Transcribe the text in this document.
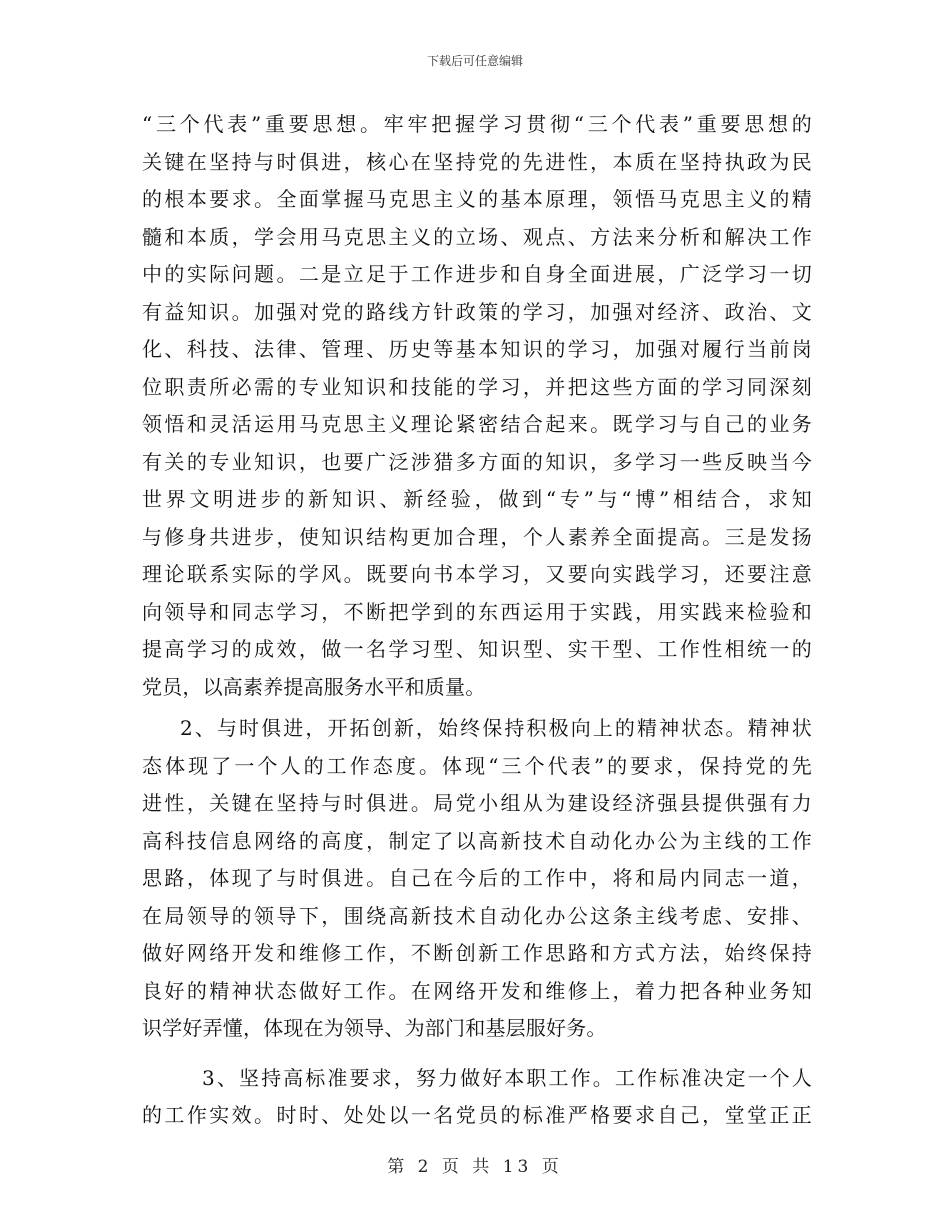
下载后可任意编辑
“三个代表”重要思想。牢牢把握学习贯彻“三个代表”重要思想的
关键在坚持与时俱进，核心在坚持党的先进性，本质在坚持执政为民
的根本要求。全面掌握马克思主义的基本原理，领悟马克思主义的精
髓和本质，学会用马克思主义的立场、观点、方法来分析和解决工作
中的实际问题。二是立足于工作进步和自身全面进展，广泛学习一切
有益知识。加强对党的路线方针政策的学习，加强对经济、政治、文
化、科技、法律、管理、历史等基本知识的学习，加强对履行当前岗
位职责所必需的专业知识和技能的学习，并把这些方面的学习同深刻
领悟和灵活运用马克思主义理论紧密结合起来。既学习与自己的业务
有关的专业知识，也要广泛涉猎多方面的知识，多学习一些反映当今
世界文明进步的新知识、新经验，做到“专”与“博”相结合，求知
与修身共进步，使知识结构更加合理，个人素养全面提高。三是发扬
理论联系实际的学风。既要向书本学习，又要向实践学习，还要注意
向领导和同志学习，不断把学到的东西运用于实践，用实践来检验和
提高学习的成效，做一名学习型、知识型、实干型、工作性相统一的
党员，以高素养提高服务水平和质量。
2、与时俱进，开拓创新，始终保持积极向上的精神状态。精神状
态体现了一个人的工作态度。体现“三个代表”的要求，保持党的先
进性，关键在坚持与时俱进。局党小组从为建设经济强县提供强有力
高科技信息网络的高度，制定了以高新技术自动化办公为主线的工作
思路，体现了与时俱进。自己在今后的工作中，将和局内同志一道，
在局领导的领导下，围绕高新技术自动化办公这条主线考虑、安排、
做好网络开发和维修工作，不断创新工作思路和方式方法，始终保持
良好的精神状态做好工作。在网络开发和维修上，着力把各种业务知
识学好弄懂，体现在为领导、为部门和基层服好务。
3、坚持高标准要求，努力做好本职工作。工作标准决定一个人
的工作实效。时时、处处以一名党员的标准严格要求自己，堂堂正正
第 2 页 共 13 页
